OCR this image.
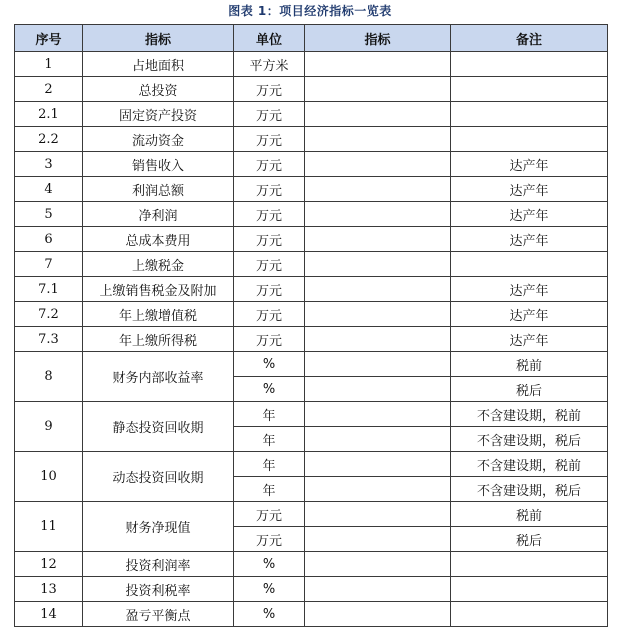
图表 1：项目经济指标一览表
序号	指标	单位	指标	备注
1	占地面积	平方米		
2	总投资	万元		
2.1	固定资产投资	万元		
2.2	流动资金	万元		
3	销售收入	万元		达产年
4	利润总额	万元		达产年
5	净利润	万元		达产年
6	总成本费用	万元		达产年
7	上缴税金	万元		
7.1	上缴销售税金及附加	万元		达产年
7.2	年上缴增值税	万元		达产年
7.3	年上缴所得税	万元		达产年
8	财务内部收益率	%		税前
		%		税后
9	静态投资回收期	年		不含建设期，税前
		年		不含建设期，税后
10	动态投资回收期	年		不含建设期，税前
		年		不含建设期，税后
11	财务净现值	万元		税前
		万元		税后
12	投资利润率	%		
13	投资利税率	%		
14	盈亏平衡点	%		
